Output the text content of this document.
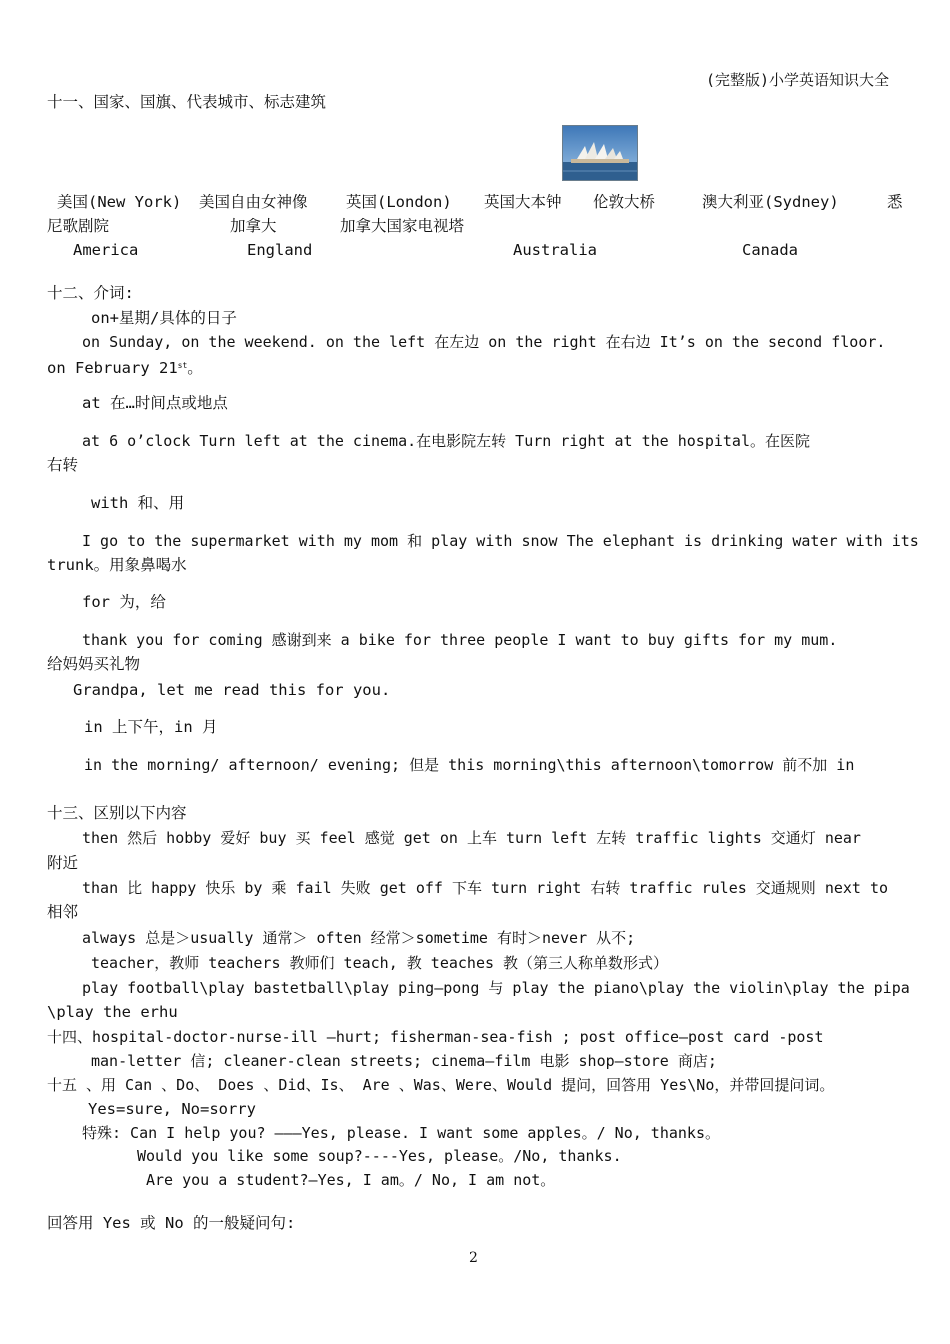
(完整版)小学英语知识大全
十一、国家、国旗、代表城市、标志建筑
美国(New York) 美国自由女神像 英国(London) 英国大本钟 伦敦大桥	澳大利亚(Sydney)	悉
尼歌剧院	加拿大	加拿大国家电视塔
America	England	Australia	Canada
十二、介词:
on+星期/具体的日子
on Sunday, on the weekend. on the left 在左边 on the right 在右边 It’s on the second floor.
on February 21st。
at 在…时间点或地点
at 6 o’clock Turn left at the cinema.在电影院左转 Turn right at the hospital。在医院
右转
with 和、用
I go to the supermarket with my mom 和 play with snow The elephant is drinking water with its
trunk。用象鼻喝水
for 为，给
thank you for coming 感谢到来 a bike for three people I want to buy gifts for my mum.
给妈妈买礼物
Grandpa, let me read this for you.
in 上下午，in 月
in the morning/ afternoon/ evening; 但是 this morning\this afternoon\tomorrow 前不加 in
十三、区别以下内容
then 然后 hobby 爱好 buy 买 feel 感觉 get on 上车 turn left 左转 traffic lights 交通灯 near
附近
than 比 happy 快乐 by 乘 fail 失败 get off 下车 turn right 右转 traffic rules 交通规则 next to
相邻
always 总是＞usually 通常＞ often 经常＞sometime 有时＞never 从不;
teacher，教师 teachers 教师们 teach, 教 teaches 教（第三人称单数形式）
play football\play bastetball\play ping—pong 与 play the piano\play the violin\play the pipa
\play the erhu
十四、hospital-doctor-nurse-ill —hurt; fisherman-sea-fish ; post office—post card -post
man-letter 信; cleaner-clean streets; cinema—film 电影 shop—store 商店;
十五 、用 Can 、Do、 Does 、Did、Is、 Are 、Was、Were、Would 提问，回答用 Yes\No，并带回提问词。
Yes=sure, No=sorry
特殊: Can I help you? ———Yes, please. I want some apples。/ No, thanks。
Would you like some soup?----Yes, please。/No, thanks.
Are you a student?—Yes, I am。/ No, I am not。
回答用 Yes 或 No 的一般疑问句:
2
